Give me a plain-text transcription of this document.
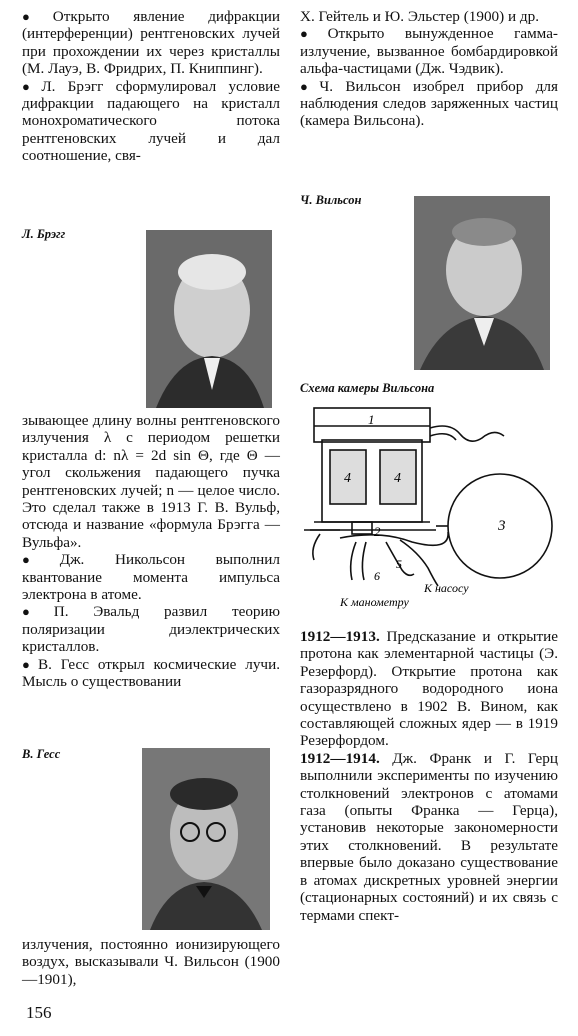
● Открыто явление дифракции (интерференции) рентгеновских лучей при прохождении их через кристаллы (М. Лауэ, В. Фридрих, П. Книппинг).

● Л. Брэгг сформулировал условие дифракции падающего на кристалл монохроматического потока рентгеновских лучей и дал соотношение, свя-

Л. Брэгг

зывающее длину волны рентгеновского излучения λ с периодом решетки кристалла d: nλ = 2d sin Θ, где Θ — угол скольжения падающего пучка рентгеновских лучей; n — целое число. Это сделал также в 1913 Г. В. Вульф, отсюда и название «формула Брэгга — Вульфа».

● Дж. Никольсон выполнил квантование момента импульса электрона в атоме.

● П. Эвальд развил теорию поляризации диэлектрических кристаллов.

● В. Гесс открыл космические лучи. Мысль о существовании

В. Гесс

излучения, постоянно ионизирующего воздух, высказывали Ч. Вильсон (1900—1901),

156

X. Гейтель и Ю. Эльстер (1900) и др.

● Открыто вынужденное гамма-излучение, вызванное бомбардировкой альфа-частицами (Дж. Чэдвик).

● Ч. Вильсон изобрел прибор для наблюдения следов заряженных частиц (камера Вильсона).

Ч. Вильсон

Схема камеры Вильсона

1
2	3
4	4
5
6
К насосу
К манометру

1912—1913. Предсказание и открытие протона как элементарной частицы (Э. Резерфорд). Открытие протона как газоразрядного водородного иона осуществлено в 1902 В. Вином, как составляющей сложных ядер — в 1919 Резерфордом.

1912—1914. Дж. Франк и Г. Герц выполнили эксперименты по изучению столкновений электронов с атомами газа (опыты Франка — Герца), установив некоторые закономерности этих столкновений. В результате впервые было доказано существование в атомах дискретных уровней энергии (стационарных состояний) и их связь с термами спект-
